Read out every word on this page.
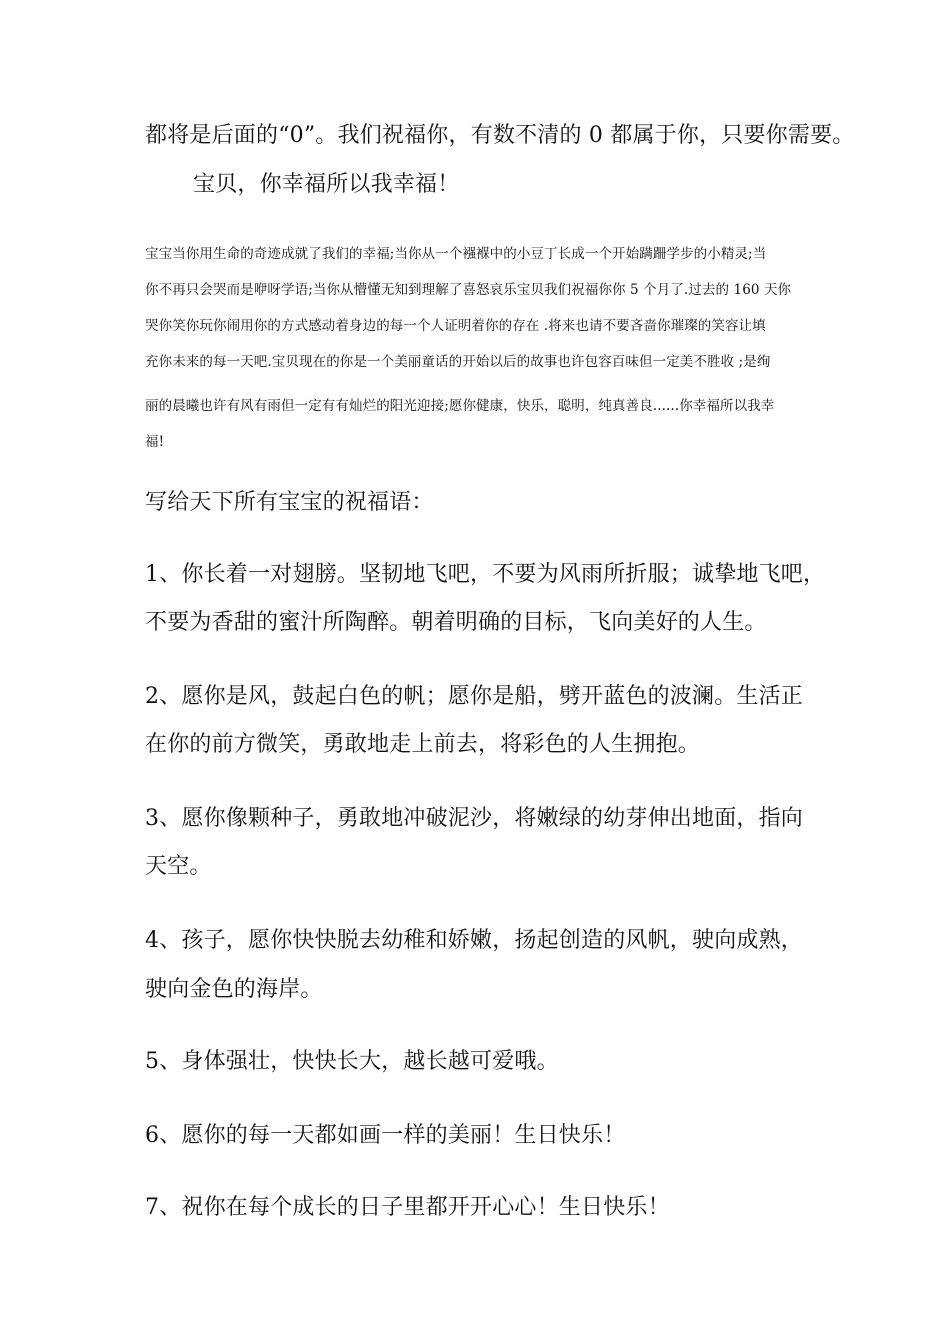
都将是后面的“0”。我们祝福你，有数不清的 0 都属于你，只要你需要。

宝贝，你幸福所以我幸福！

宝宝当你用生命的奇迹成就了我们的幸福;当你从一个襁褓中的小豆丁长成一个开始蹒跚学步的小精灵;当

你不再只会哭而是咿呀学语;当你从懵懂无知到理解了喜怒哀乐宝贝我们祝福你你 5 个月了.过去的 160 天你

哭你笑你玩你闹用你的方式感动着身边的每一个人证明着你的存在 .将来也请不要吝啬你璀璨的笑容让填

充你未来的每一天吧.宝贝现在的你是一个美丽童话的开始以后的故事也许包容百味但一定美不胜收 ;是绚

丽的晨曦也许有风有雨但一定有有灿烂的阳光迎接;愿你健康，快乐，聪明，纯真善良......你幸福所以我幸

福!

写给天下所有宝宝的祝福语：

1、你长着一对翅膀。坚韧地飞吧，不要为风雨所折服；诚挚地飞吧，

不要为香甜的蜜汁所陶醉。朝着明确的目标，飞向美好的人生。

2、愿你是风，鼓起白色的帆；愿你是船，劈开蓝色的波澜。生活正

在你的前方微笑，勇敢地走上前去，将彩色的人生拥抱。

3、愿你像颗种子，勇敢地冲破泥沙，将嫩绿的幼芽伸出地面，指向

天空。

4、孩子，愿你快快脱去幼稚和娇嫩，扬起创造的风帆，驶向成熟，

驶向金色的海岸。

5、身体强壮，快快长大，越长越可爱哦。

6、愿你的每一天都如画一样的美丽！生日快乐！

7、祝你在每个成长的日子里都开开心心！生日快乐！
